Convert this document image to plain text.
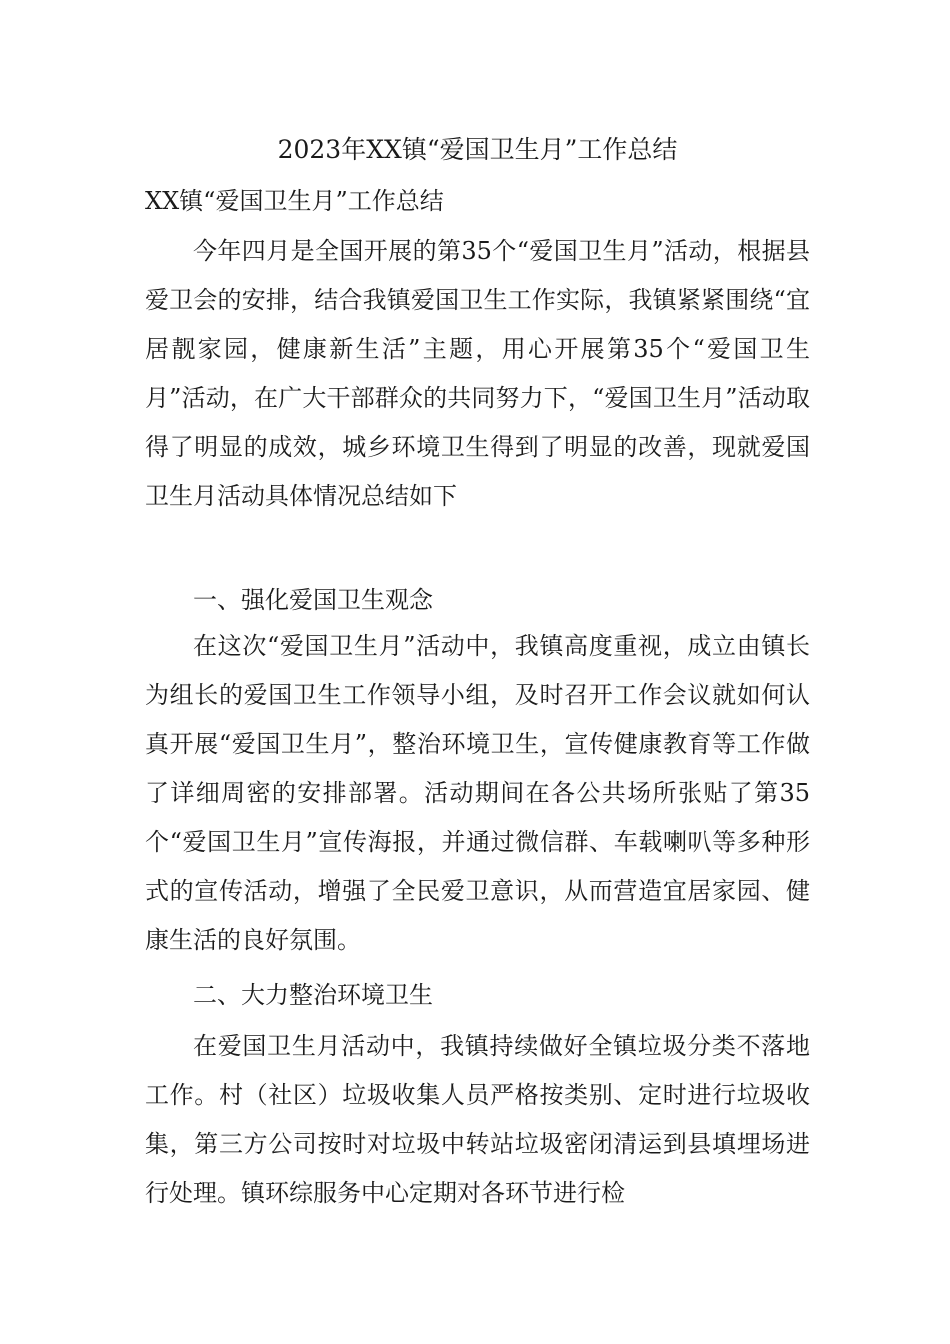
2023年XX镇“爱国卫生月”工作总结
XX镇“爱国卫生月”工作总结

今年四月是全国开展的第35个“爱国卫生月”活动，根据县爱卫会的安排，结合我镇爱国卫生工作实际，我镇紧紧围绕“宜居靓家园，健康新生活”主题，用心开展第35个“爱国卫生月”活动，在广大干部群众的共同努力下，“爱国卫生月”活动取得了明显的成效，城乡环境卫生得到了明显的改善，现就爱国卫生月活动具体情况总结如下

一、强化爱国卫生观念

在这次“爱国卫生月”活动中，我镇高度重视，成立由镇长为组长的爱国卫生工作领导小组，及时召开工作会议就如何认真开展“爱国卫生月”，整治环境卫生，宣传健康教育等工作做了详细周密的安排部署。活动期间在各公共场所张贴了第35个“爱国卫生月”宣传海报，并通过微信群、车载喇叭等多种形式的宣传活动，增强了全民爱卫意识，从而营造宜居家园、健康生活的良好氛围。

二、大力整治环境卫生

在爱国卫生月活动中，我镇持续做好全镇垃圾分类不落地工作。村（社区）垃圾收集人员严格按类别、定时进行垃圾收集，第三方公司按时对垃圾中转站垃圾密闭清运到县填埋场进行处理。镇环综服务中心定期对各环节进行检
